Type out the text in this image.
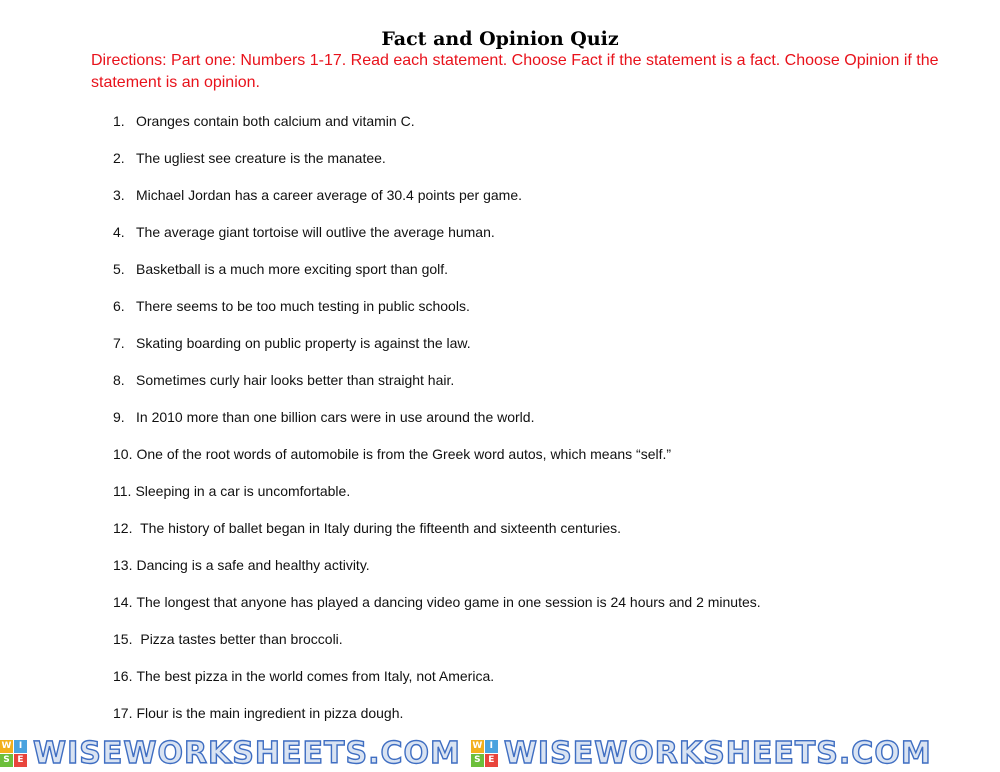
Fact and Opinion Quiz
Directions: Part one: Numbers 1-17. Read each statement. Choose Fact if the statement is a fact. Choose Opinion if the statement is an opinion.
1. Oranges contain both calcium and vitamin C.
2. The ugliest see creature is the manatee.
3. Michael Jordan has a career average of 30.4 points per game.
4. The average giant tortoise will outlive the average human.
5. Basketball is a much more exciting sport than golf.
6. There seems to be too much testing in public schools.
7. Skating boarding on public property is against the law.
8. Sometimes curly hair looks better than straight hair.
9. In 2010 more than one billion cars were in use around the world.
10. One of the root words of automobile is from the Greek word autos, which means “self.”
11. Sleeping in a car is uncomfortable.
12. The history of ballet began in Italy during the fifteenth and sixteenth centuries.
13. Dancing is a safe and healthy activity.
14. The longest that anyone has played a dancing video game in one session is 24 hours and 2 minutes.
15. Pizza tastes better than broccoli.
16. The best pizza in the world comes from Italy, not America.
17. Flour is the main ingredient in pizza dough.
W I
S E WISEWORKSHEETS.COM W I
S E WISEWORKSHEETS.COM
